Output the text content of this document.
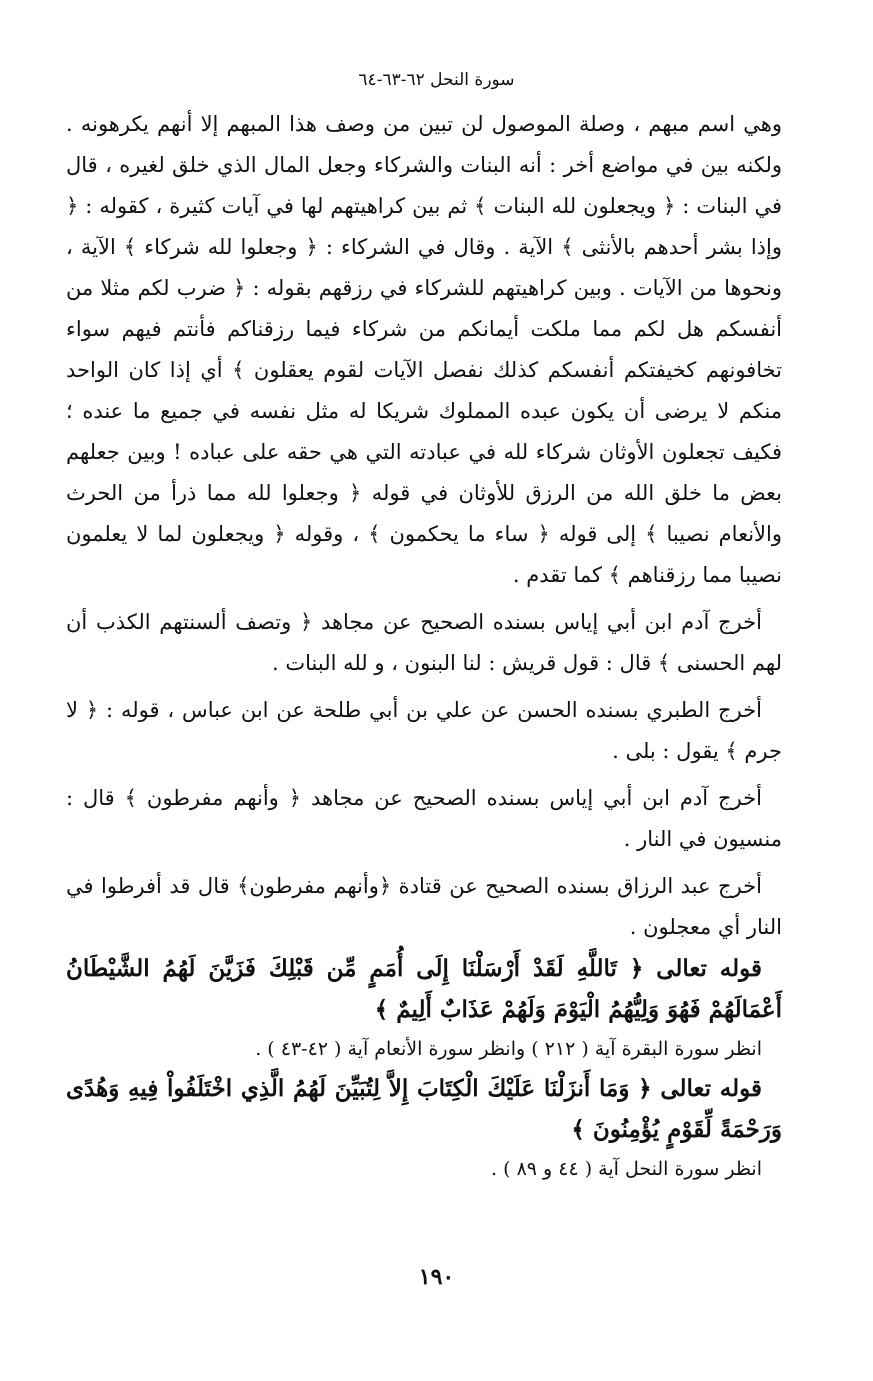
سورة النحل ٦٢-٦٣-٦٤

وهي اسم مبهم ، وصلة الموصول لن تبين من وصف هذا المبهم إلا أنهم يكرهونه . ولكنه بين في مواضع أخر : أنه البنات والشركاء وجعل المال الذي خلق لغيره ، قال في البنات : ﴿ ويجعلون لله البنات ﴾ ثم بين كراهيتهم لها في آيات كثيرة ، كقوله : ﴿ وإذا بشر أحدهم بالأنثى ﴾ الآية . وقال في الشركاء : ﴿ وجعلوا لله شركاء ﴾ الآية ، ونحوها من الآيات . وبين كراهيتهم للشركاء في رزقهم بقوله : ﴿ ضرب لكم مثلا من أنفسكم هل لكم مما ملكت أيمانكم من شركاء فيما رزقناكم فأنتم فيهم سواء تخافونهم كخيفتكم أنفسكم كذلك نفصل الآيات لقوم يعقلون ﴾ أي إذا كان الواحد منكم لا يرضى أن يكون عبده المملوك شريكا له مثل نفسه في جميع ما عنده ؛ فكيف تجعلون الأوثان شركاء لله في عبادته التي هي حقه على عباده ! وبين جعلهم بعض ما خلق الله من الرزق للأوثان في قوله ﴿ وجعلوا لله مما ذرأ من الحرث والأنعام نصيبا ﴾ إلى قوله ﴿ ساء ما يحكمون ﴾ ، وقوله ﴿ ويجعلون لما لا يعلمون نصيبا مما رزقناهم ﴾ كما تقدم .

أخرج آدم ابن أبي إياس بسنده الصحيح عن مجاهد ﴿ وتصف ألسنتهم الكذب أن لهم الحسنى ﴾ قال : قول قريش : لنا البنون ، و لله البنات .

أخرج الطبري بسنده الحسن عن علي بن أبي طلحة عن ابن عباس ، قوله : ﴿ لا جرم ﴾ يقول : بلى .

أخرج آدم ابن أبي إياس بسنده الصحيح عن مجاهد ﴿ وأنهم مفرطون ﴾ قال : منسيون في النار .

أخرج عبد الرزاق بسنده الصحيح عن قتادة ﴿وأنهم مفرطون﴾ قال قد أفرطوا في النار أي معجلون .

قوله تعالى ﴿ تَاللَّهِ لَقَدْ أَرْسَلْنَا إِلَى أُمَمٍ مِّن قَبْلِكَ فَزَيَّنَ لَهُمُ الشَّيْطَانُ أَعْمَالَهُمْ فَهُوَ وَلِيُّهُمُ الْيَوْمَ وَلَهُمْ عَذَابٌ أَلِيمٌ ﴾

انظر سورة البقرة آية ( ٢١٢ ) وانظر سورة الأنعام آية ( ٤٢-٤٣ ) .

قوله تعالى ﴿ وَمَا أَنزَلْنَا عَلَيْكَ الْكِتَابَ إِلاَّ لِتُبَيِّنَ لَهُمُ الَّذِي اخْتَلَفُواْ فِيهِ وَهُدًى وَرَحْمَةً لِّقَوْمٍ يُؤْمِنُونَ ﴾

انظر سورة النحل آية ( ٤٤ و ٨٩ ) .

١٩٠
